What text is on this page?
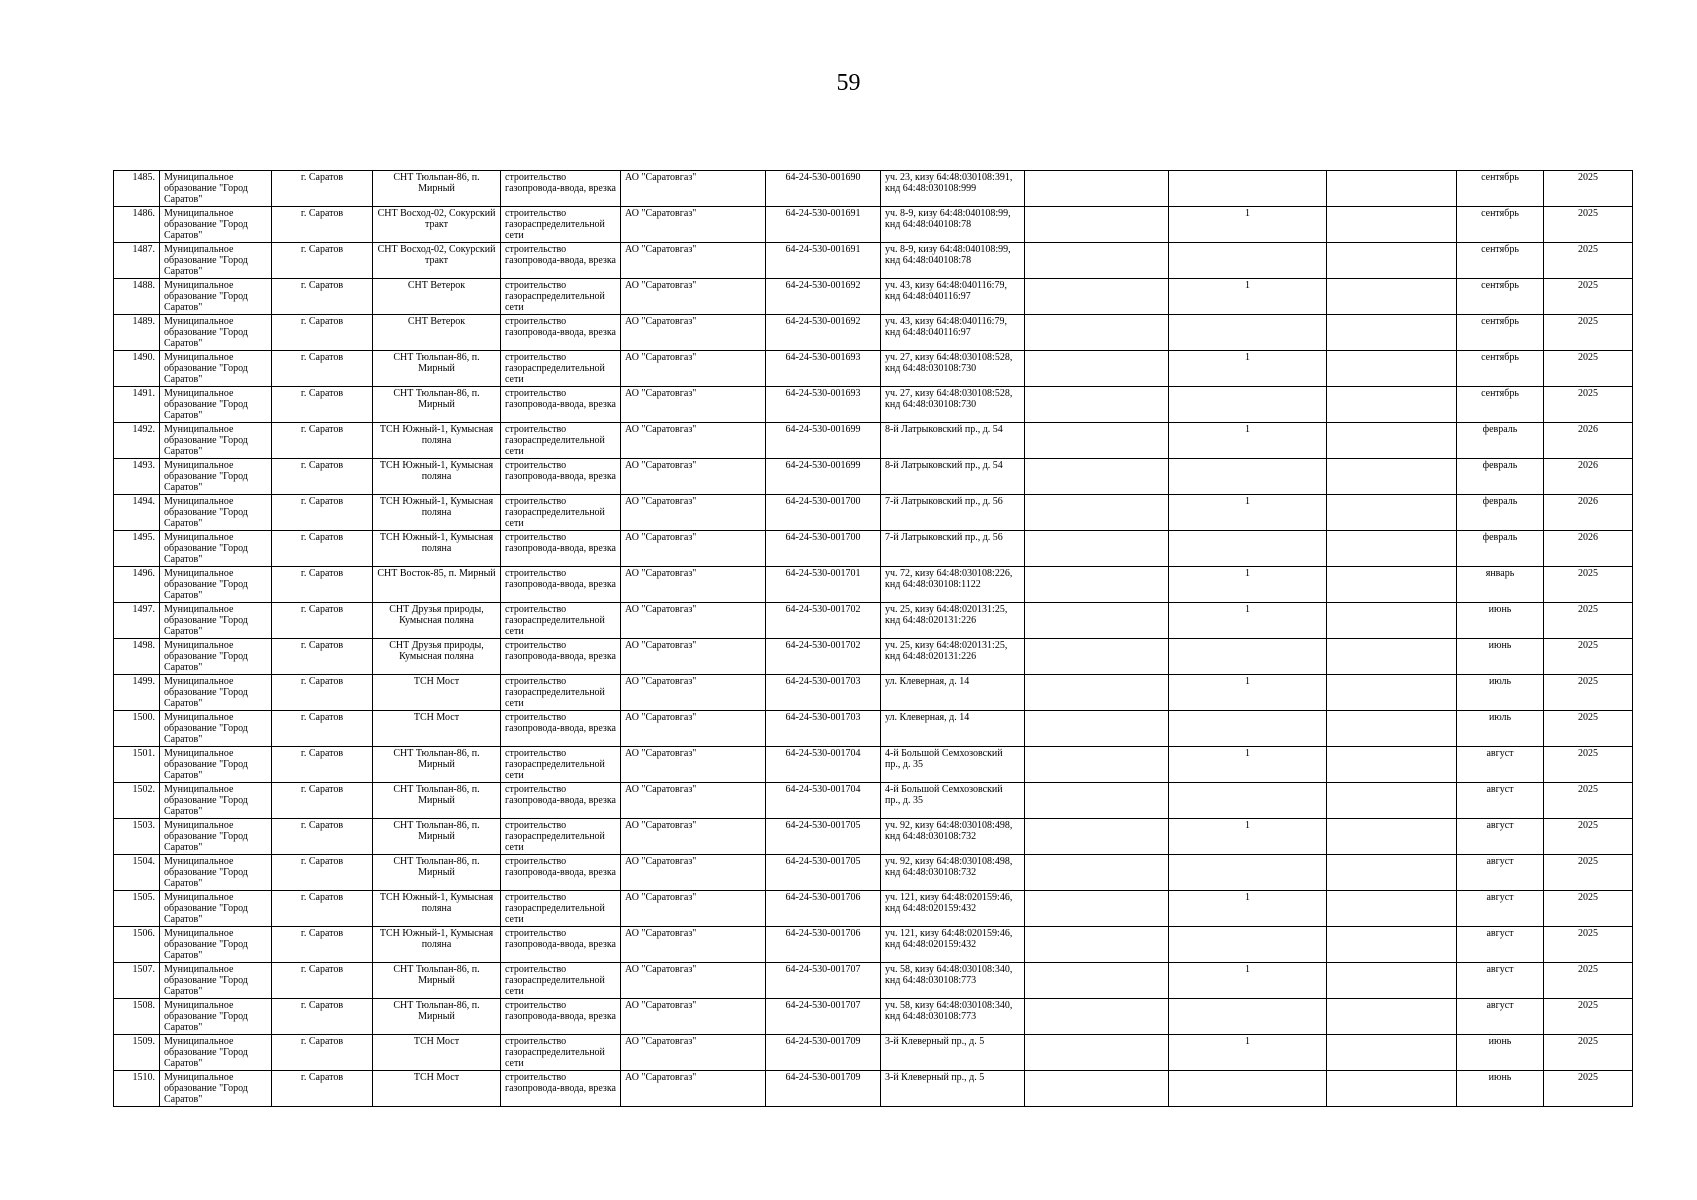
59
1485.	Муниципальное образование "Город Саратов"	г. Саратов	СНТ Тюльпан-86, п. Мирный	строительство газопровода-ввода, врезка	АО "Саратовгаз"	64-24-530-001690	уч. 23, кизу 64:48:030108:391, кнд 64:48:030108:999				сентябрь	2025
1486.	Муниципальное образование "Город Саратов"	г. Саратов	СНТ Восход-02, Сокурский тракт	строительство газораспределительной сети	АО "Саратовгаз"	64-24-530-001691	уч. 8-9, кизу 64:48:040108:99, кнд 64:48:040108:78		1		сентябрь	2025
1487.	Муниципальное образование "Город Саратов"	г. Саратов	СНТ Восход-02, Сокурский тракт	строительство газопровода-ввода, врезка	АО "Саратовгаз"	64-24-530-001691	уч. 8-9, кизу 64:48:040108:99, кнд 64:48:040108:78				сентябрь	2025
1488.	Муниципальное образование "Город Саратов"	г. Саратов	СНТ Ветерок	строительство газораспределительной сети	АО "Саратовгаз"	64-24-530-001692	уч. 43, кизу 64:48:040116:79, кнд 64:48:040116:97		1		сентябрь	2025
1489.	Муниципальное образование "Город Саратов"	г. Саратов	СНТ Ветерок	строительство газопровода-ввода, врезка	АО "Саратовгаз"	64-24-530-001692	уч. 43, кизу 64:48:040116:79, кнд 64:48:040116:97				сентябрь	2025
1490.	Муниципальное образование "Город Саратов"	г. Саратов	СНТ Тюльпан-86, п. Мирный	строительство газораспределительной сети	АО "Саратовгаз"	64-24-530-001693	уч. 27, кизу 64:48:030108:528, кнд 64:48:030108:730		1		сентябрь	2025
1491.	Муниципальное образование "Город Саратов"	г. Саратов	СНТ Тюльпан-86, п. Мирный	строительство газопровода-ввода, врезка	АО "Саратовгаз"	64-24-530-001693	уч. 27, кизу 64:48:030108:528, кнд 64:48:030108:730				сентябрь	2025
1492.	Муниципальное образование "Город Саратов"	г. Саратов	ТСН Южный-1, Кумысная поляна	строительство газораспределительной сети	АО "Саратовгаз"	64-24-530-001699	8-й Латрыковский пр., д. 54		1		февраль	2026
1493.	Муниципальное образование "Город Саратов"	г. Саратов	ТСН Южный-1, Кумысная поляна	строительство газопровода-ввода, врезка	АО "Саратовгаз"	64-24-530-001699	8-й Латрыковский пр., д. 54				февраль	2026
1494.	Муниципальное образование "Город Саратов"	г. Саратов	ТСН Южный-1, Кумысная поляна	строительство газораспределительной сети	АО "Саратовгаз"	64-24-530-001700	7-й Латрыковский пр., д. 56		1		февраль	2026
1495.	Муниципальное образование "Город Саратов"	г. Саратов	ТСН Южный-1, Кумысная поляна	строительство газопровода-ввода, врезка	АО "Саратовгаз"	64-24-530-001700	7-й Латрыковский пр., д. 56				февраль	2026
1496.	Муниципальное образование "Город Саратов"	г. Саратов	СНТ Восток-85, п. Мирный	строительство газопровода-ввода, врезка	АО "Саратовгаз"	64-24-530-001701	уч. 72, кизу 64:48:030108:226, кнд 64:48:030108:1122		1		январь	2025
1497.	Муниципальное образование "Город Саратов"	г. Саратов	СНТ Друзья природы, Кумысная поляна	строительство газораспределительной сети	АО "Саратовгаз"	64-24-530-001702	уч. 25, кизу 64:48:020131:25, кнд 64:48:020131:226		1		июнь	2025
1498.	Муниципальное образование "Город Саратов"	г. Саратов	СНТ Друзья природы, Кумысная поляна	строительство газопровода-ввода, врезка	АО "Саратовгаз"	64-24-530-001702	уч. 25, кизу 64:48:020131:25, кнд 64:48:020131:226				июнь	2025
1499.	Муниципальное образование "Город Саратов"	г. Саратов	ТСН Мост	строительство газораспределительной сети	АО "Саратовгаз"	64-24-530-001703	ул. Клеверная, д. 14		1		июль	2025
1500.	Муниципальное образование "Город Саратов"	г. Саратов	ТСН Мост	строительство газопровода-ввода, врезка	АО "Саратовгаз"	64-24-530-001703	ул. Клеверная, д. 14				июль	2025
1501.	Муниципальное образование "Город Саратов"	г. Саратов	СНТ Тюльпан-86, п. Мирный	строительство газораспределительной сети	АО "Саратовгаз"	64-24-530-001704	4-й Большой Семхозовский пр., д. 35		1		август	2025
1502.	Муниципальное образование "Город Саратов"	г. Саратов	СНТ Тюльпан-86, п. Мирный	строительство газопровода-ввода, врезка	АО "Саратовгаз"	64-24-530-001704	4-й Большой Семхозовский пр., д. 35				август	2025
1503.	Муниципальное образование "Город Саратов"	г. Саратов	СНТ Тюльпан-86, п. Мирный	строительство газораспределительной сети	АО "Саратовгаз"	64-24-530-001705	уч. 92, кизу 64:48:030108:498, кнд 64:48:030108:732		1		август	2025
1504.	Муниципальное образование "Город Саратов"	г. Саратов	СНТ Тюльпан-86, п. Мирный	строительство газопровода-ввода, врезка	АО "Саратовгаз"	64-24-530-001705	уч. 92, кизу 64:48:030108:498, кнд 64:48:030108:732				август	2025
1505.	Муниципальное образование "Город Саратов"	г. Саратов	ТСН Южный-1, Кумысная поляна	строительство газораспределительной сети	АО "Саратовгаз"	64-24-530-001706	уч. 121, кизу 64:48:020159:46, кнд 64:48:020159:432		1		август	2025
1506.	Муниципальное образование "Город Саратов"	г. Саратов	ТСН Южный-1, Кумысная поляна	строительство газопровода-ввода, врезка	АО "Саратовгаз"	64-24-530-001706	уч. 121, кизу 64:48:020159:46, кнд 64:48:020159:432				август	2025
1507.	Муниципальное образование "Город Саратов"	г. Саратов	СНТ Тюльпан-86, п. Мирный	строительство газораспределительной сети	АО "Саратовгаз"	64-24-530-001707	уч. 58, кизу 64:48:030108:340, кнд 64:48:030108:773		1		август	2025
1508.	Муниципальное образование "Город Саратов"	г. Саратов	СНТ Тюльпан-86, п. Мирный	строительство газопровода-ввода, врезка	АО "Саратовгаз"	64-24-530-001707	уч. 58, кизу 64:48:030108:340, кнд 64:48:030108:773				август	2025
1509.	Муниципальное образование "Город Саратов"	г. Саратов	ТСН Мост	строительство газораспределительной сети	АО "Саратовгаз"	64-24-530-001709	3-й Клеверный пр., д. 5		1		июнь	2025
1510.	Муниципальное образование "Город Саратов"	г. Саратов	ТСН Мост	строительство газопровода-ввода, врезка	АО "Саратовгаз"	64-24-530-001709	3-й Клеверный пр., д. 5				июнь	2025
